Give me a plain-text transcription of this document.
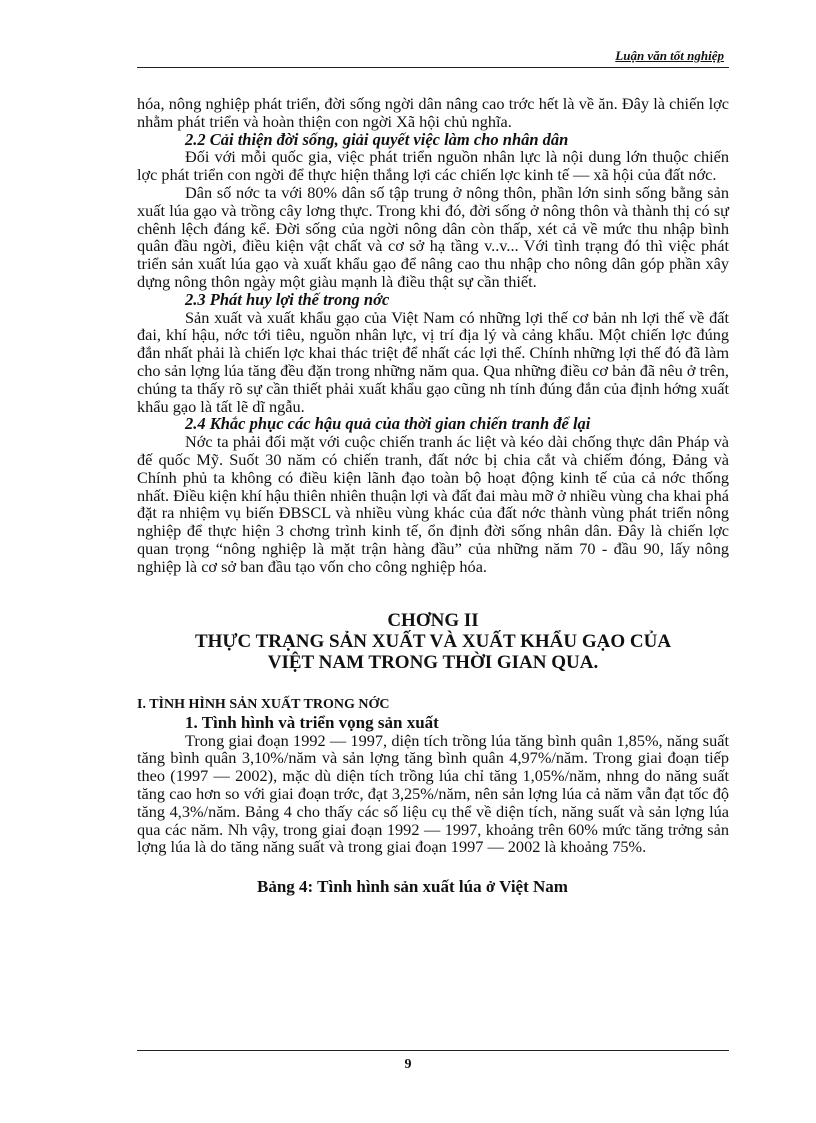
Luận văn tốt nghiệp

hóa, nông nghiệp phát triển, đời sống ngời dân nâng cao trớc hết là về ăn. Đây là chiến lợc nhằm phát triển và hoàn thiện con ngời Xã hội chủ nghĩa.

2.2 Cải thiện đời sống, giải quyết việc làm cho nhân dân

Đối với mỗi quốc gia, việc phát triển nguồn nhân lực là nội dung lớn thuộc chiến lợc phát triển con ngời để thực hiện thắng lợi các chiến lợc kinh tế — xã hội của đất nớc.

Dân số nớc ta với 80% dân số tập trung ở nông thôn, phần lớn sinh sống bằng sản xuất lúa gạo và trồng cây lơng thực. Trong khi đó, đời sống ở nông thôn và thành thị có sự chênh lệch đáng kể. Đời sống của ngời nông dân còn thấp, xét cả về mức thu nhập bình quân đầu ngời, điều kiện vật chất và cơ sở hạ tầng v..v... Với tình trạng đó thì việc phát triển sản xuất lúa gạo và xuất khẩu gạo để nâng cao thu nhập cho nông dân góp phần xây dựng nông thôn ngày một giàu mạnh là điều thật sự cần thiết.

2.3 Phát huy lợi thế trong nớc

Sản xuất và xuất khẩu gạo của Việt Nam có những lợi thế cơ bản nh lợi thế về đất đai, khí hậu, nớc tới tiêu, nguồn nhân lực, vị trí địa lý và cảng khẩu. Một chiến lợc đúng đắn nhất phải là chiến lợc khai thác triệt để nhất các lợi thế. Chính những lợi thế đó đã làm cho sản lợng lúa tăng đều đặn trong những năm qua. Qua những điều cơ bản đã nêu ở trên, chúng ta thấy rõ sự cần thiết phải xuất khẩu gạo cũng nh tính đúng đắn của định hớng xuất khẩu gạo là tất lẽ dĩ ngẫu.

2.4 Khắc phục các hậu quả của thời gian chiến tranh để lại

Nớc ta phải đối mặt với cuộc chiến tranh ác liệt và kéo dài chống thực dân Pháp và đế quốc Mỹ. Suốt 30 năm có chiến tranh, đất nớc bị chia cắt và chiếm đóng, Đảng và Chính phủ ta không có điều kiện lãnh đạo toàn bộ hoạt động kinh tế của cả nớc thống nhất. Điều kiện khí hậu thiên nhiên thuận lợi và đất đai màu mỡ ở nhiều vùng cha khai phá đặt ra nhiệm vụ biến ĐBSCL và nhiều vùng khác của đất nớc thành vùng phát triển nông nghiệp để thực hiện 3 chơng trình kinh tế, ổn định đời sống nhân dân. Đây là chiến lợc quan trọng “nông nghiệp là mặt trận hàng đầu” của những năm 70 - đầu 90, lấy nông nghiệp là cơ sở ban đầu tạo vốn cho công nghiệp hóa.

CHƠNG II
THỰC TRẠNG SẢN XUẤT VÀ XUẤT KHẨU GẠO CỦA
VIỆT NAM TRONG THỜI GIAN QUA.

I. TÌNH HÌNH SẢN XUẤT TRONG NỚC

1. Tình hình và triển vọng sản xuất

Trong giai đoạn 1992 — 1997, diện tích trồng lúa tăng bình quân 1,85%, năng suất tăng bình quân 3,10%/năm và sản lợng tăng bình quân 4,97%/năm. Trong giai đoạn tiếp theo (1997 — 2002), mặc dù diện tích trồng lúa chỉ tăng 1,05%/năm, nhng do năng suất tăng cao hơn so với giai đoạn trớc, đạt 3,25%/năm, nên sản lợng lúa cả năm vẫn đạt tốc độ tăng 4,3%/năm. Bảng 4 cho thấy các số liệu cụ thể về diện tích, năng suất và sản lợng lúa qua các năm. Nh vậy, trong giai đoạn 1992 — 1997, khoảng trên 60% mức tăng trởng sản lợng lúa là do tăng năng suất và trong giai đoạn 1997 — 2002 là khoảng 75%.

Bảng 4: Tình hình sản xuất lúa ở Việt Nam

9
